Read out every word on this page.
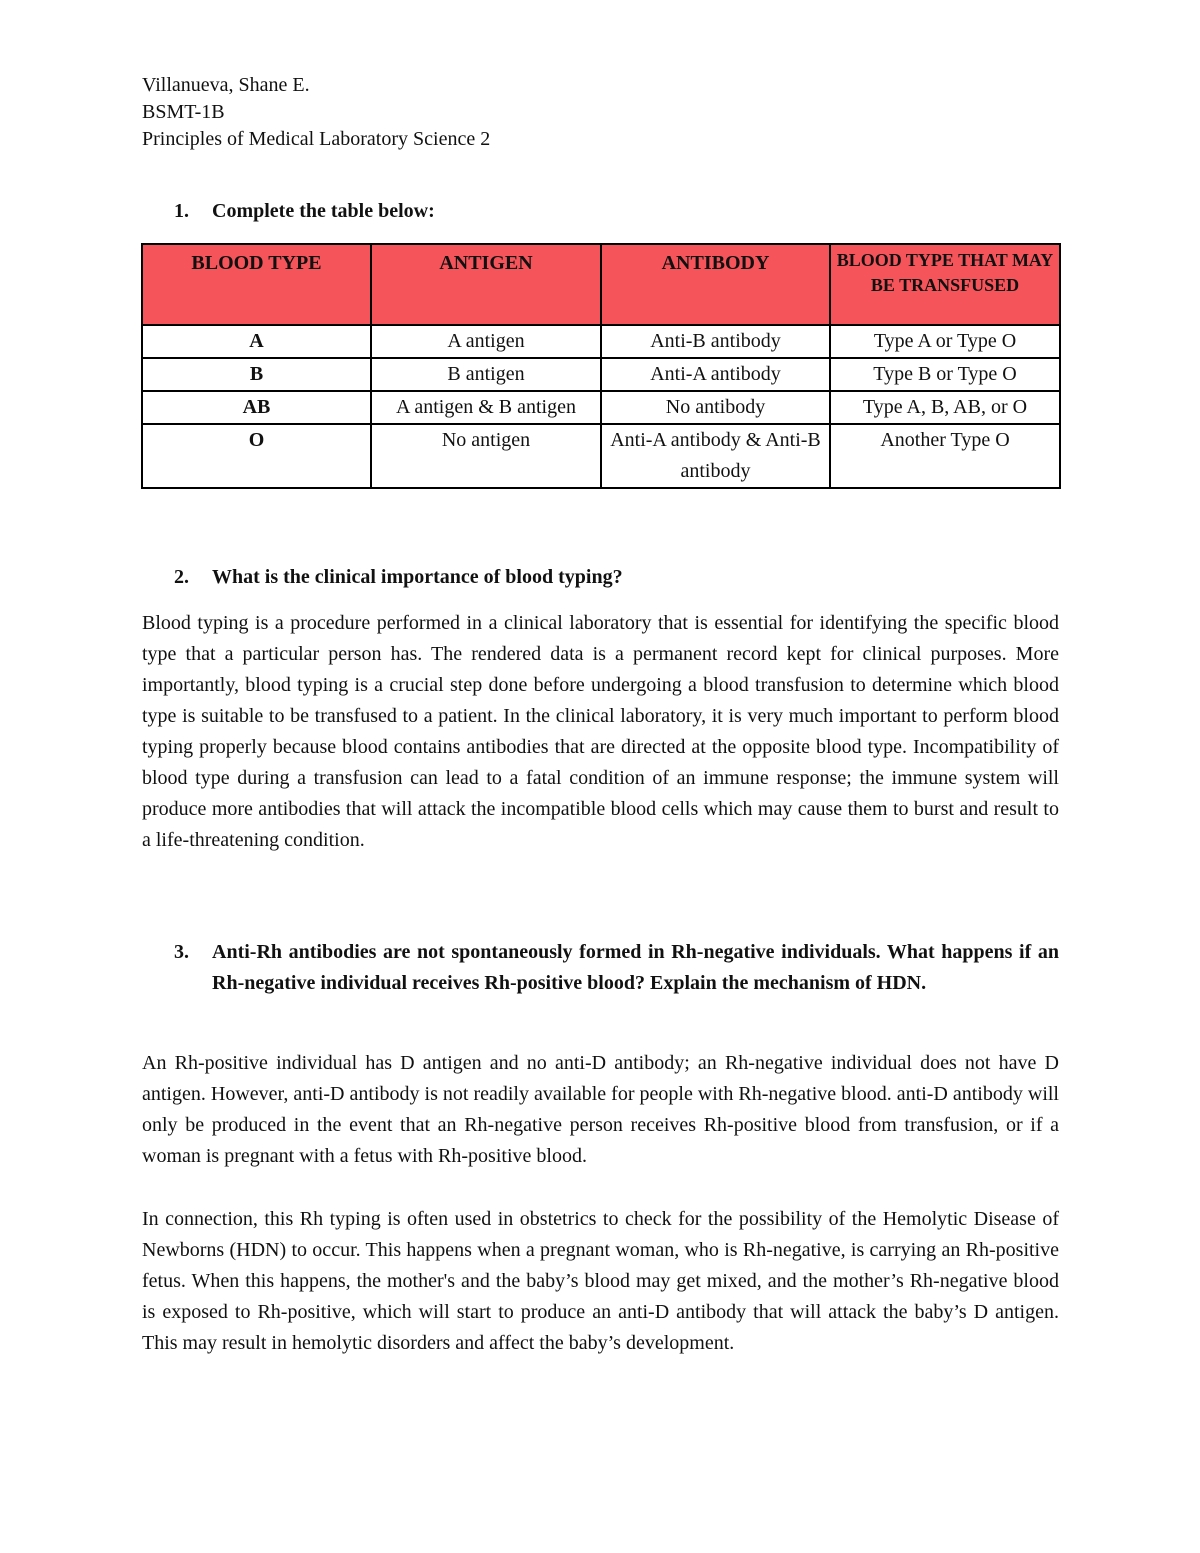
Villanueva, Shane E.
BSMT-1B
Principles of Medical Laboratory Science 2
1. Complete the table below:
BLOOD TYPE	ANTIGEN	ANTIBODY	BLOOD TYPE THAT MAY BE TRANSFUSED
A	A antigen	Anti-B antibody	Type A or Type O
B	B antigen	Anti-A antibody	Type B or Type O
AB	A antigen & B antigen	No antibody	Type A, B, AB, or O
O	No antigen	Anti-A antibody & Anti-B antibody	Another Type O
2. What is the clinical importance of blood typing?
Blood typing is a procedure performed in a clinical laboratory that is essential for identifying the specific blood type that a particular person has. The rendered data is a permanent record kept for clinical purposes. More importantly, blood typing is a crucial step done before undergoing a blood transfusion to determine which blood type is suitable to be transfused to a patient. In the clinical laboratory, it is very much important to perform blood typing properly because blood contains antibodies that are directed at the opposite blood type. Incompatibility of blood type during a transfusion can lead to a fatal condition of an immune response; the immune system will produce more antibodies that will attack the incompatible blood cells which may cause them to burst and result to a life-threatening condition.
3. Anti-Rh antibodies are not spontaneously formed in Rh-negative individuals. What happens if an Rh-negative individual receives Rh-positive blood? Explain the mechanism of HDN.
An Rh-positive individual has D antigen and no anti-D antibody; an Rh-negative individual does not have D antigen. However, anti-D antibody is not readily available for people with Rh-negative blood. anti-D antibody will only be produced in the event that an Rh-negative person receives Rh-positive blood from transfusion, or if a woman is pregnant with a fetus with Rh-positive blood.
In connection, this Rh typing is often used in obstetrics to check for the possibility of the Hemolytic Disease of Newborns (HDN) to occur. This happens when a pregnant woman, who is Rh-negative, is carrying an Rh-positive fetus. When this happens, the mother's and the baby’s blood may get mixed, and the mother’s Rh-negative blood is exposed to Rh-positive, which will start to produce an anti-D antibody that will attack the baby’s D antigen. This may result in hemolytic disorders and affect the baby’s development.
